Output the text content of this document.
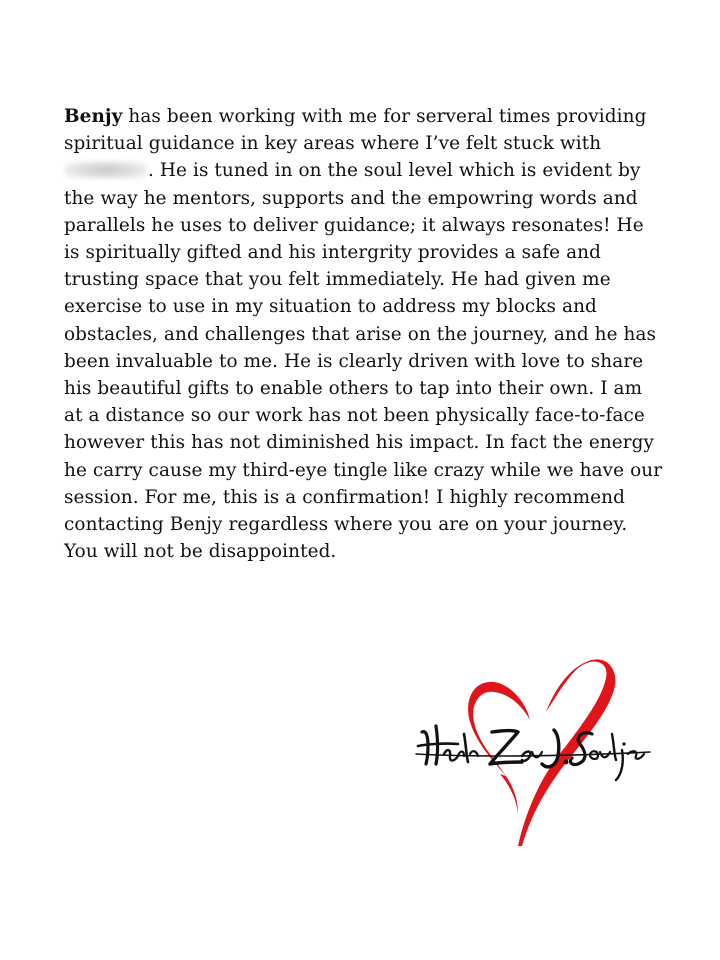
Benjy has been working with me for serveral times providing spiritual guidance in key areas where I’ve felt stuck with . He is tuned in on the soul level which is evident by the way he mentors, supports and the empowring words and parallels he uses to deliver guidance; it always resonates! He is spiritually gifted and his intergrity provides a safe and trusting space that you felt immediately. He had given me exercise to use in my situation to address my blocks and obstacles, and challenges that arise on the journey, and he has been invaluable to me. He is clearly driven with love to share his beautiful gifts to enable others to tap into their own. I am at a distance so our work has not been physically face-to-face however this has not diminished his impact. In fact the energy he carry cause my third-eye tingle like crazy while we have our session. For me, this is a confirmation! I highly recommend contacting Benjy regardless where you are on your journey. You will not be disappointed.
